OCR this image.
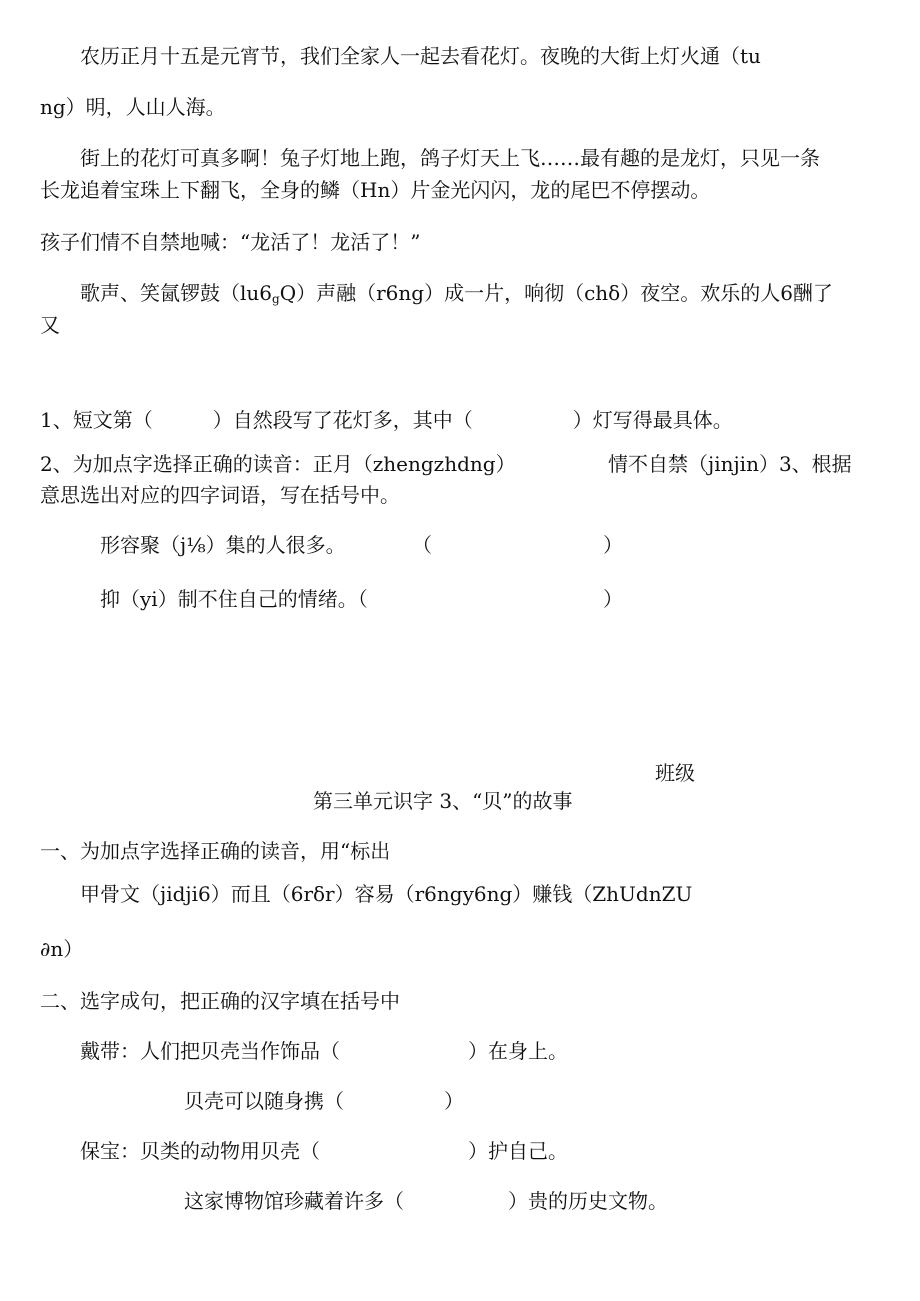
农历正月十五是元宵节，我们全家人一起去看花灯。夜晚的大街上灯火通（tu
ng）明，人山人海。
街上的花灯可真多啊！兔子灯地上跑，鸽子灯天上飞……最有趣的是龙灯，只见一条
长龙追着宝珠上下翻飞，全身的鳞（Hn）片金光闪闪，龙的尾巴不停摆动。
孩子们情不自禁地喊：“龙活了！龙活了！”
歌声、笑氤锣鼓$(lu6_gQ)$声融（r6ng）成一片，响彻（chδ）夜空。欢乐的人6酬了
又
1、短文第（　　　）自然段写了花灯多，其中（　　　　　）灯写得最具体。
2、为加点字选择正确的读音：正月（zhengzhdng）	情不自禁（jinjin）3、根据
意思选出对应的四字词语，写在括号中。
形容聚（j⅛）集的人很多。	（	）
抑（yi）制不住自己的情绪。（	）
班级
第三单元识字 3、“贝”的故事
一、为加点字选择正确的读音，用“标出
甲骨文（jidji6）而且（6rδr）容易（r6ngy6ng）赚钱（ZhUdnZU
∂n）
二、选字成句，把正确的汉字填在括号中
戴带：人们把贝壳当作饰品（	）在身上。
贝壳可以随身携（	）
保宝：贝类的动物用贝壳（	）护自己。
这家博物馆珍藏着许多（	）贵的历史文物。
